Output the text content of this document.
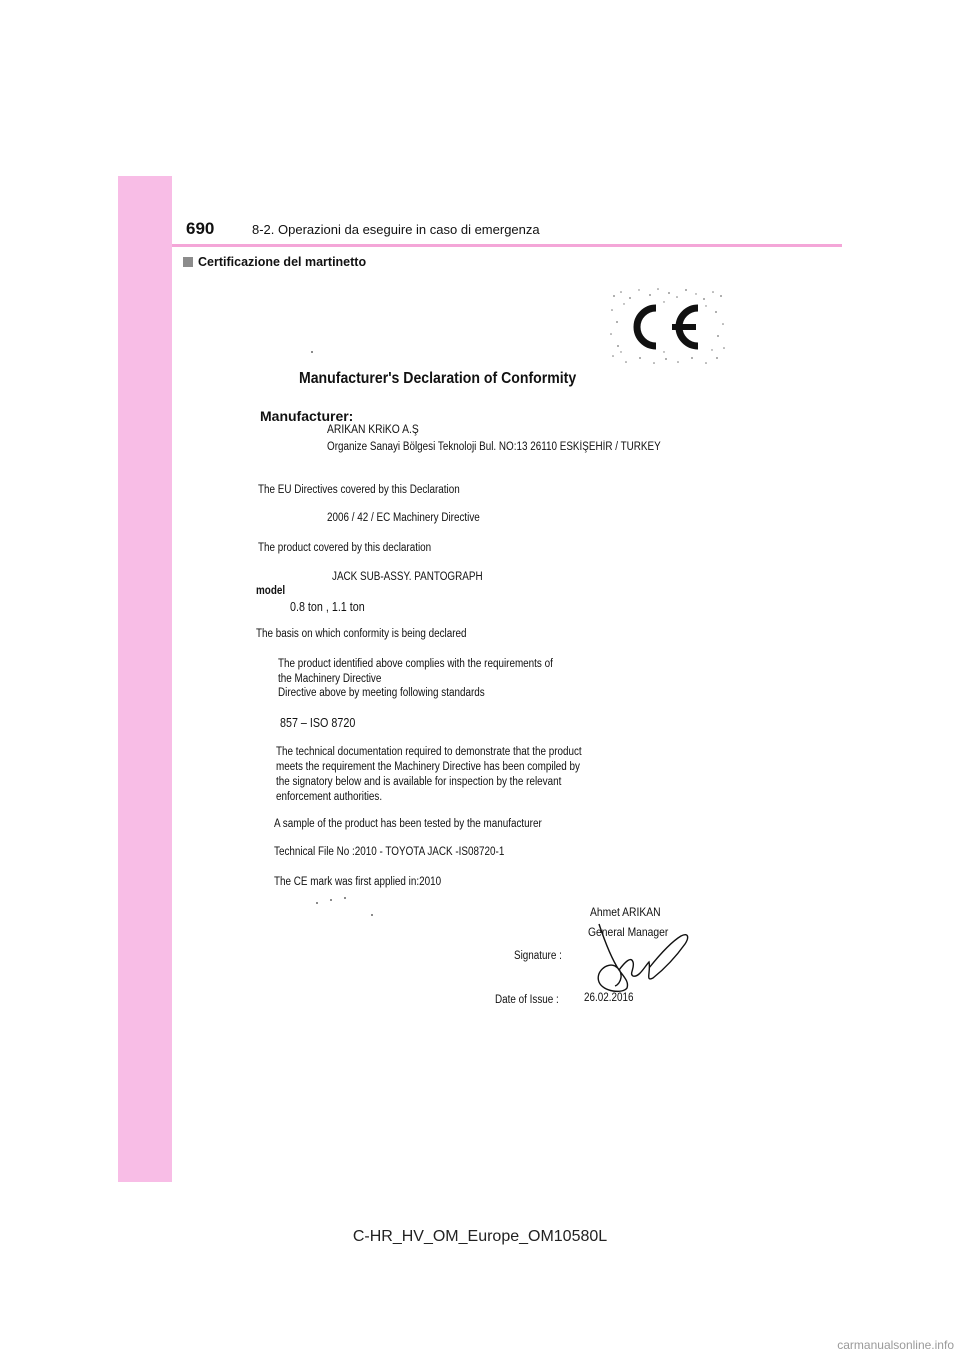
690	8-2. Operazioni da eseguire in caso di emergenza
Certificazione del martinetto
CE
Manufacturer's Declaration of Conformity
Manufacturer:
ARIKAN KRiKO A.Ş
Organize Sanayi Bölgesi Teknoloji Bul. NO:13 26110 ESKİŞEHİR / TURKEY
The EU Directives covered by this Declaration
2006 / 42 / EC Machinery Directive
The product covered by this declaration
JACK SUB-ASSY. PANTOGRAPH
model
0.8 ton , 1.1 ton
The basis on which conformity is being declared
The product identified above complies with the requirements of
the Machinery Directive
Directive above by meeting following standards
857 – ISO 8720
The technical documentation required to demonstrate that the product
meets the requirement the Machinery Directive has been compiled by
the signatory below and is available for inspection by the relevant
enforcement authorities.
A sample of the product has been tested by the manufacturer
Technical File No :2010 - TOYOTA JACK -IS08720-1
The CE mark was first applied in:2010
Ahmet ARIKAN
General Manager
Signature :
Date of Issue : 26.02.2016
C-HR_HV_OM_Europe_OM10580L
carmanualsonline.info
